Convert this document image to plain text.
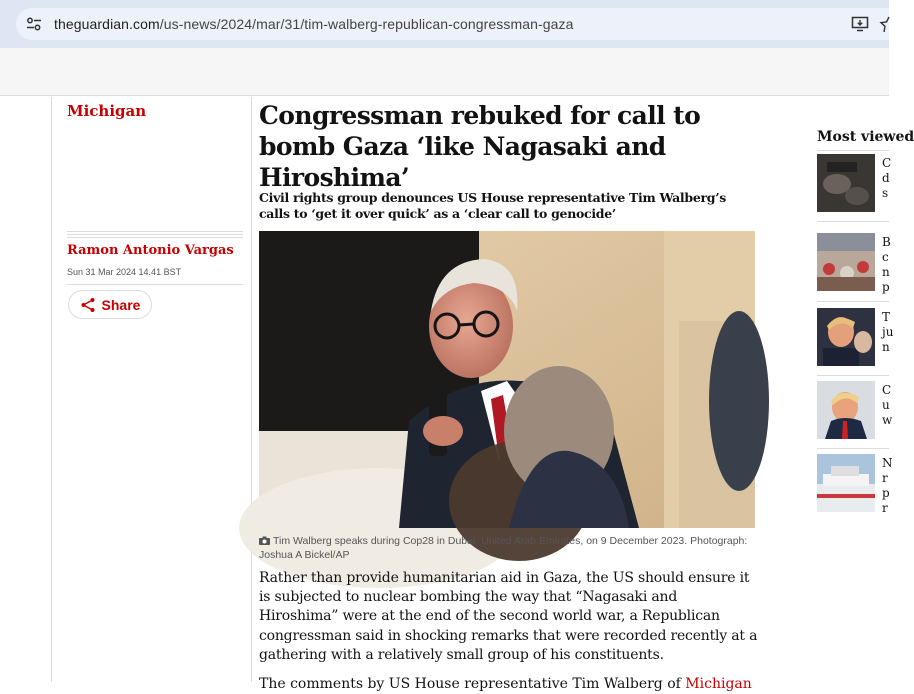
theguardian.com/us-news/2024/mar/31/tim-walberg-republican-congressman-gaza
Michigan
Ramon Antonio Vargas
Sun 31 Mar 2024 14.41 BST
Share
Congressman rebuked for call to bomb Gaza ‘like Nagasaki and Hiroshima’
Civil rights group denounces US House representative Tim Walberg’s calls to ‘get it over quick’ as a ‘clear call to genocide’
Tim Walberg speaks during Cop28 in Dubai, United Arab Emirates, on 9 December 2023. Photograph: Joshua A Bickel/AP

Rather than provide humanitarian aid in Gaza, the US should ensure it is subjected to nuclear bombing the way that “Nagasaki and Hiroshima” were at the end of the second world war, a Republican congressman said in shocking remarks that were recorded recently at a gathering with a relatively small group of his constituents.

The comments by US House representative Tim Walberg of Michigan
Most viewed
C
d
s
B
c
n
p
T
ju
n
C
u
w
N
r
p
r
